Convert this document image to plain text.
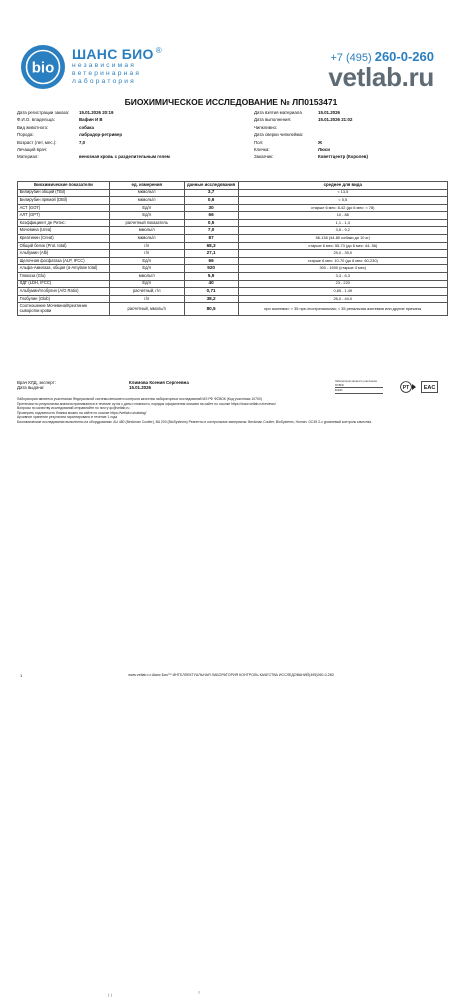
bio
ШАНС БИО ®
независимая
ветеринарная
лаборатория
+7 (495) 260-0-260
vetlab.ru
БИОХИМИЧЕСКОЕ ИССЛЕДОВАНИЕ № ЛП0153471
Дата регистрации заказа:	15.01.2026 20:19	Дата взятия материала	15.01.2026
Ф.И.О. владельца:	Вафин И В	Дата выполнения:	15.01.2026 21:02
Вид животного:	собака	Чипкливно:
Порода:	лабрадор-ретривер	Дата сверки чипклейма:
Возраст (лет, мес.):	7,0	Пол:	Ж
Лечащий врач:	Кличка:	Люси
Материал:	венозная кровь с разделительным гелем	Заказчик:	Коветтцентр (Королев)
Биохимические показатели	ед. измерения	данные исследования	среднее для вида
Билирубин общий (TBil)	мкмоль/л	3,7	< 13,5
Билирубин прямой (DBil)	мкмоль/л	0,6	< 5,5
АСТ (GOT)	Ед/л	30	старше 6 мес: 8-42 (до 6 мес: < 78)
АЛТ (GPT)	Ед/л	66	10 - 88
Коэффициент де Ритис:	расчетный показатель	0,5	1,1 - 1,3
Мочевина (Urea)	ммоль/л	7,0	3,5 - 9,2
Креатинин (Creat)	мкмоль/л	87	56-136 (44-80 собаки до 10 кг)
Общий белок (Prot. total)	г/л	68,3	старше 6 мес: 55-73 (до 6 мес: 44- 56)
Альбумин (Alb)	г/л	27,1	25,0 - 39,0
Щелочная фосфатаза (ALP, IFCC)	Ед/л	66	старше 6 мес: 10-70 (до 6 мес: 60-230)
Альфа-Амилаза, общая (α-Amylase total)	Ед/л	920	300 - 1500 (старше 4 мес)
Глюкоза (Glu)	ммоль/л	5,9	3,3 - 6,3
ЛДГ (LDH, IFCC)	Ед/л	40	23 - 220
Альбумин/глобулин (A/G Ratio)	расчетный, г/л	0,71	0,65 - 1,49
Глобулин (Glob)	г/л	38,2	26,0 - 44,0
Соотношение Мочевина/Креатинин сыворотки крови	расчетный, ммоль/л	80,5	при азотемии: > 35 пре-/постренальная; < 35 ренальная азотемия или другие причины
Врач КЛД, эксперт:	Климова Ксения Сергеевна
Дата выдачи:	15.01.2026
Лаборатория является участником
ФСВОК
ВНИИ	PT	EAC
Лаборатория является участником Федеральной системы внешнего контроля качества лабораторных исследований МЗ РФ ФСВОК (Код участника 10700)
Претензии по результатам анализа принимаются в течение суток с даты готовности, порядок оформления опишем на сайте по ссылке https://www.vetlab.ru/reviews/
Вопросы по качеству исследований отправляйте по почту qc@vetlab.ru
Проверить подлинность бланка можно на сайте по ссылке https://vetlab.ru/catalog/
Архивное хранение результата гарантировано в течение 1 года
Биохимические исследования выполнены на оборудовании: AU 480 (Beckman Coulter), BA 200 (BioSystems) Реагенты и контрольные материалы: Beckman Coulter, BioSystems, Human. GC45 2-х уровневый контроль качества.
1	www.vetlab.ru Шанс Био™ ИНТЕЛЛЕКТУАЛЬНАЯ ЛАБОРАТОРИЯ КОНТРОЛЬ КАЧЕСТВА ИССЛЕДОВАНИЙ(495)260-0-260
ι ι	ᵒ
